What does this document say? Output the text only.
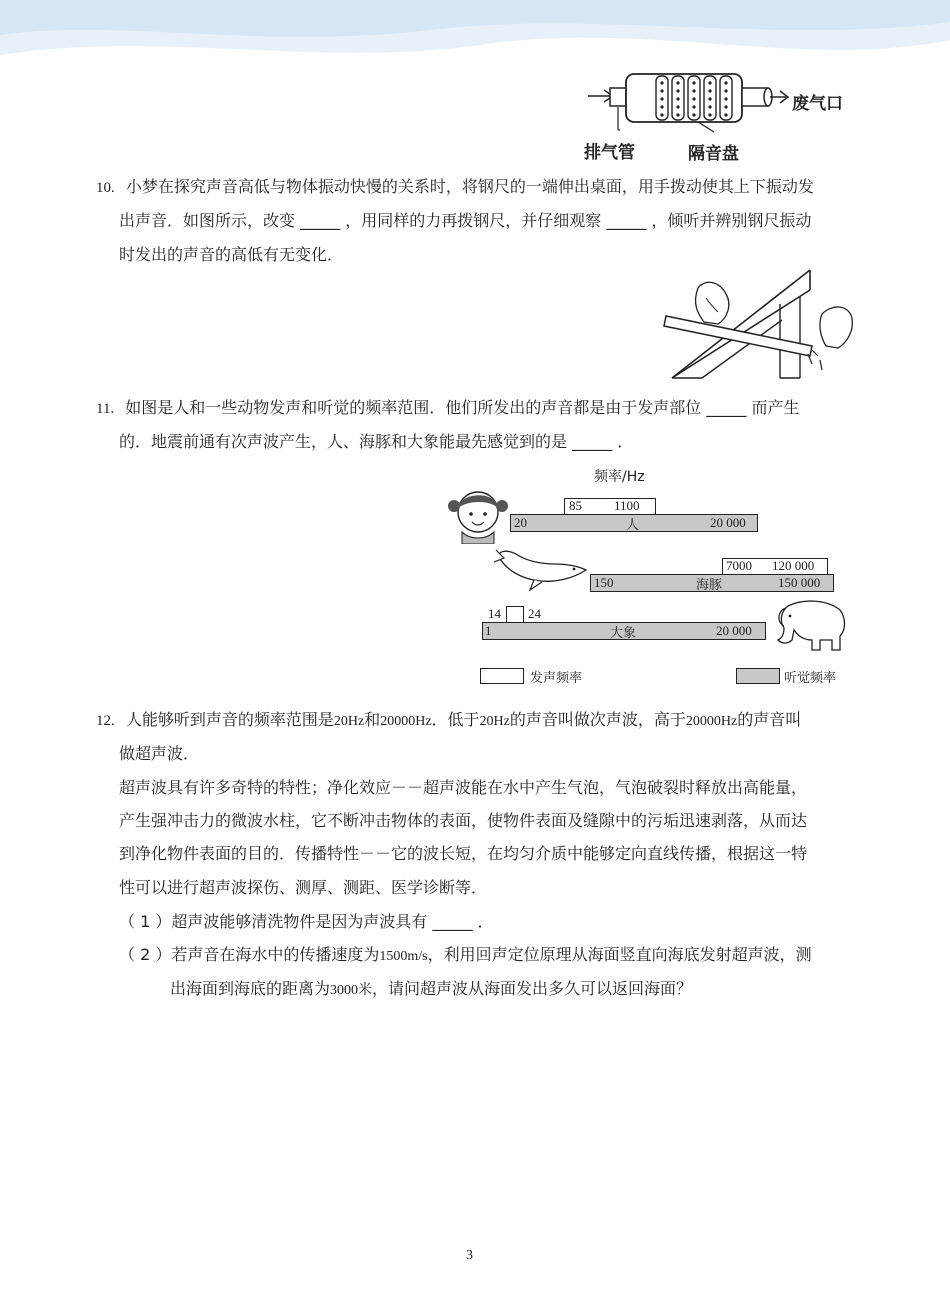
废气口
排气管	隔音盘
10. 小梦在探究声音高低与物体振动快慢的关系时，将钢尺的一端伸出桌面，用手拨动使其上下振动发
出声音．如图所示，改变 _____ ，用同样的力再拨钢尺，并仔细观察 _____ ，倾听并辨别钢尺振动
时发出的声音的高低有无变化．
11. 如图是人和一些动物发声和听觉的频率范围．他们所发出的声音都是由于发声部位 _____ 而产生
的．地震前通有次声波产生，人、海豚和大象能最先感觉到的是 _____ ．
频率/Hz
85 1100
20	人	20 000
7000 120 000
150	海豚	150 000
14 24
1	大象	20 000
发声频率	听觉频率
12. 人能够听到声音的频率范围是20Hz和20000Hz．低于20Hz的声音叫做次声波，高于20000Hz的声音叫
做超声波．
超声波具有许多奇特的特性；净化效应－－超声波能在水中产生气泡，气泡破裂时释放出高能量，
产生强冲击力的微波水柱，它不断冲击物体的表面，使物件表面及缝隙中的污垢迅速剥落，从而达
到净化物件表面的目的．传播特性－－它的波长短，在均匀介质中能够定向直线传播，根据这一特
性可以进行超声波探伤、测厚、测距、医学诊断等．
（ 1 ）超声波能够清洗物件是因为声波具有 _____ ．
（ 2 ）若声音在海水中的传播速度为1500m/s，利用回声定位原理从海面竖直向海底发射超声波，测
出海面到海底的距离为3000米，请问超声波从海面发出多久可以返回海面？
3
